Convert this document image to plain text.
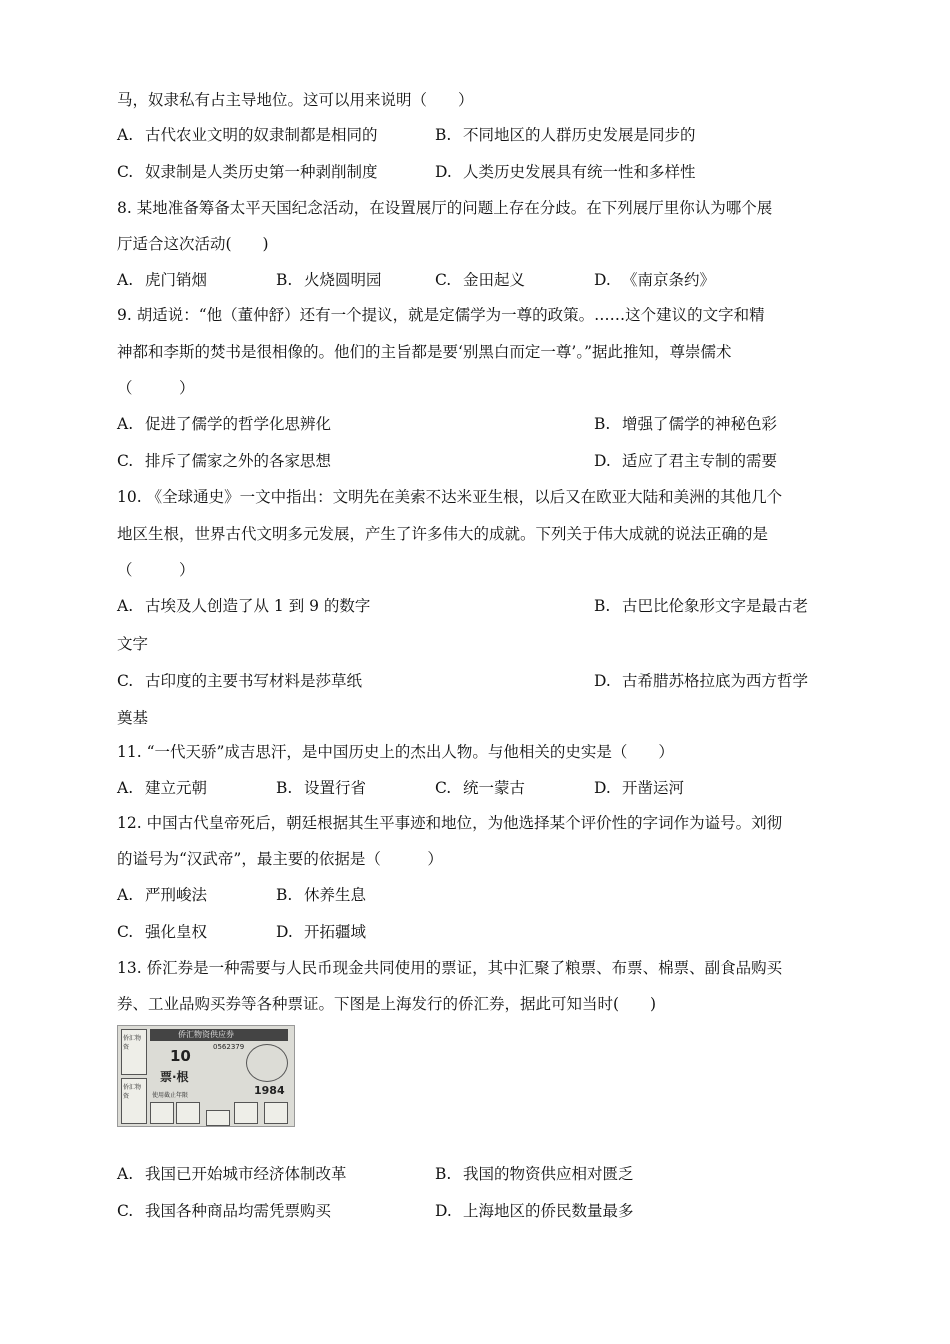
马，奴隶私有占主导地位。这可以用来说明（　　）
A. 古代农业文明的奴隶制都是相同的	B. 不同地区的人群历史发展是同步的
C. 奴隶制是人类历史第一种剥削制度	D. 人类历史发展具有统一性和多样性
8. 某地准备筹备太平天国纪念活动，在设置展厅的问题上存在分歧。在下列展厅里你认为哪个展
厅适合这次活动(　　)
A. 虎门销烟	B. 火烧圆明园	C. 金田起义	D. 《南京条约》
9. 胡适说：“他（董仲舒）还有一个提议，就是定儒学为一尊的政策。……这个建议的文字和精
神都和李斯的焚书是很相像的。他们的主旨都是要‘别黑白而定一尊’。”据此推知，尊崇儒术
（　　　）
A. 促进了儒学的哲学化思辨化	B. 增强了儒学的神秘色彩
C. 排斥了儒家之外的各家思想	D. 适应了君主专制的需要
10. 《全球通史》一文中指出：文明先在美索不达米亚生根，以后又在欧亚大陆和美洲的其他几个
地区生根，世界古代文明多元发展，产生了许多伟大的成就。下列关于伟大成就的说法正确的是
（　　　）
A. 古埃及人创造了从 1 到 9 的数字	B. 古巴比伦象形文字是最古老
文字
C. 古印度的主要书写材料是莎草纸	D. 古希腊苏格拉底为西方哲学
奠基
11. “一代天骄”成吉思汗，是中国历史上的杰出人物。与他相关的史实是（　　）
A. 建立元朝	B. 设置行省	C. 统一蒙古	D. 开凿运河
12. 中国古代皇帝死后，朝廷根据其生平事迹和地位，为他选择某个评价性的字词作为谥号。刘彻
的谥号为“汉武帝”，最主要的依据是（　　　）
A. 严刑峻法	B. 休养生息
C. 强化皇权	D. 开拓疆域
13. 侨汇券是一种需要与人民币现金共同使用的票证，其中汇聚了粮票、布票、棉票、副食品购买
券、工业品购买券等各种票证。下图是上海发行的侨汇券，据此可知当时(　　)
侨汇物资
侨汇物资
侨汇物资供应券
0562379
10
票·根
1984
使用截止年限
A. 我国已开始城市经济体制改革	B. 我国的物资供应相对匮乏
C. 我国各种商品均需凭票购买	D. 上海地区的侨民数量最多
